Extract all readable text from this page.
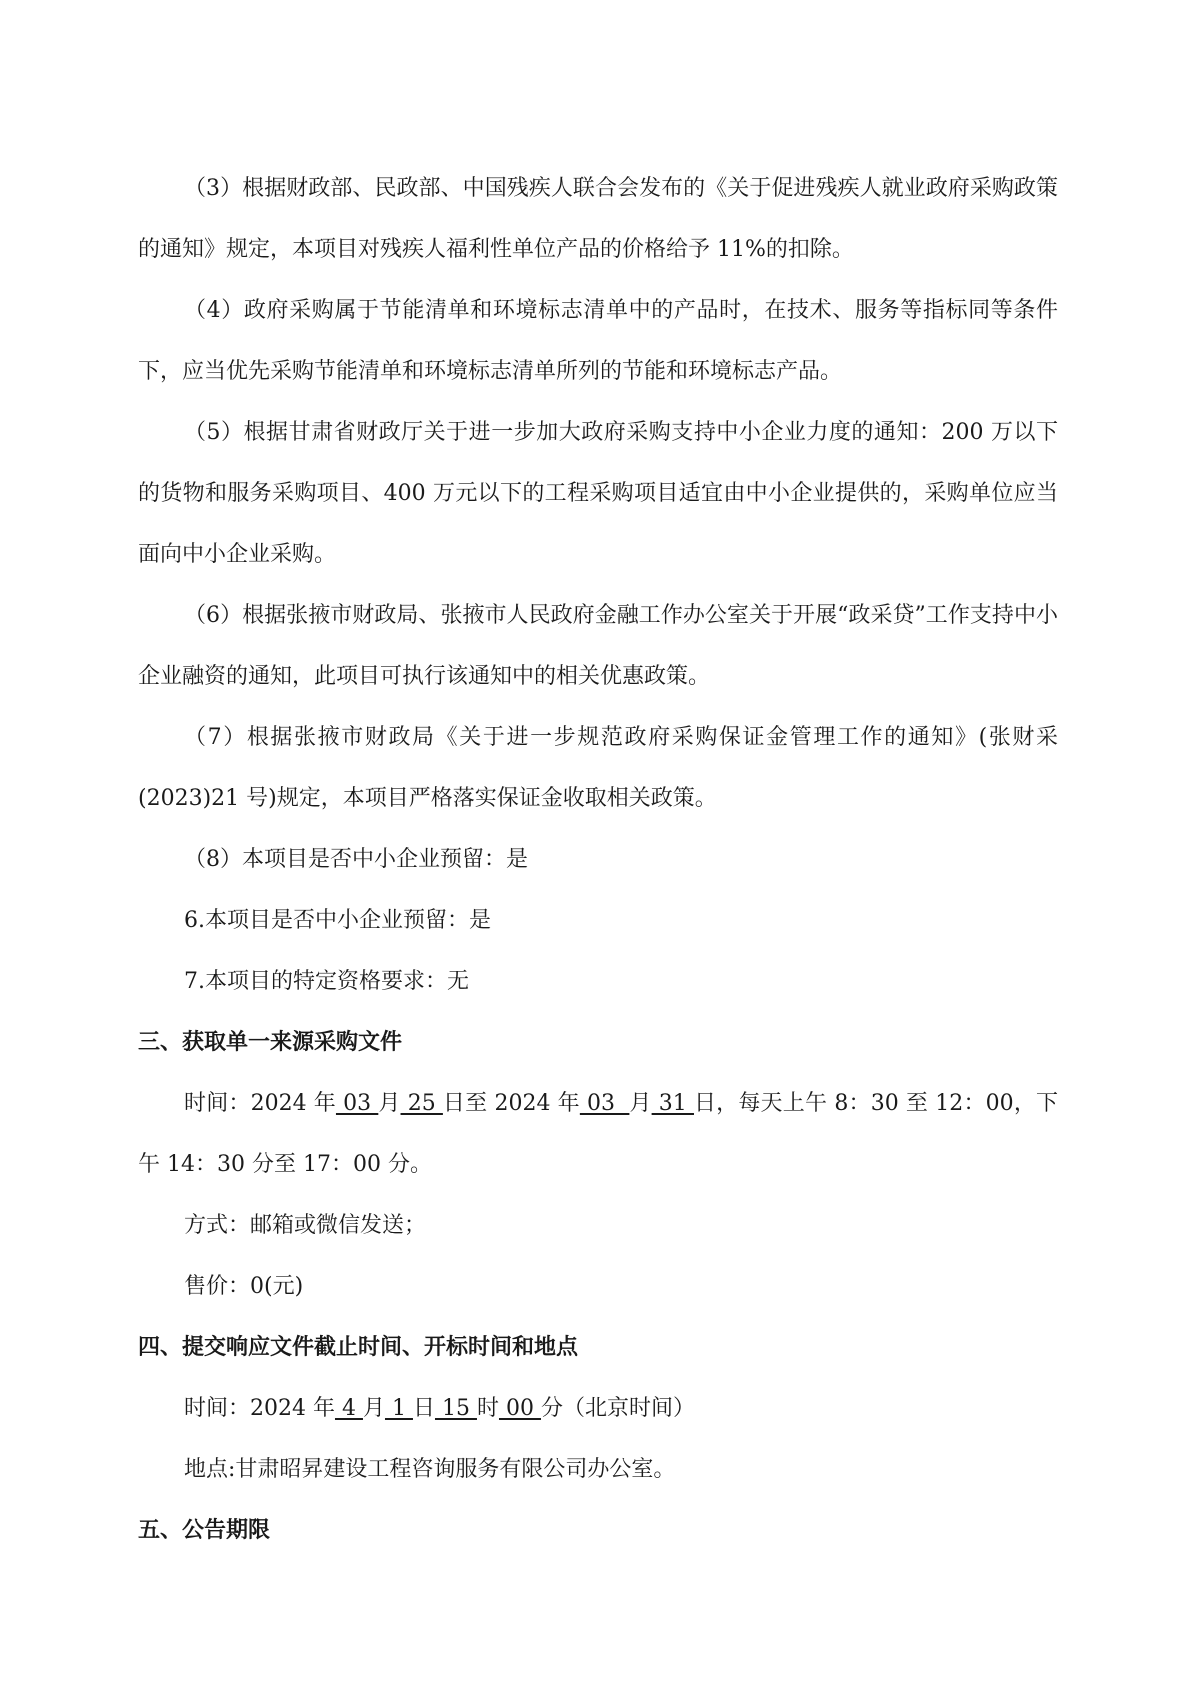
（3）根据财政部、民政部、中国残疾人联合会发布的《关于促进残疾人就业政府采购政策的通知》规定，本项目对残疾人福利性单位产品的价格给予 11%的扣除。

（4）政府采购属于节能清单和环境标志清单中的产品时，在技术、服务等指标同等条件下，应当优先采购节能清单和环境标志清单所列的节能和环境标志产品。

（5）根据甘肃省财政厅关于进一步加大政府采购支持中小企业力度的通知：200 万以下的货物和服务采购项目、400 万元以下的工程采购项目适宜由中小企业提供的，采购单位应当面向中小企业采购。

（6）根据张掖市财政局、张掖市人民政府金融工作办公室关于开展“政采贷”工作支持中小企业融资的通知，此项目可执行该通知中的相关优惠政策。

（7）根据张掖市财政局《关于进一步规范政府采购保证金管理工作的通知》(张财采(2023)21 号)规定，本项目严格落实保证金收取相关政策。

（8）本项目是否中小企业预留：是

6.本项目是否中小企业预留：是

7.本项目的特定资格要求：无

三、获取单一来源采购文件

时间：2024 年 03 月 25 日至 2024 年 03  月 31 日，每天上午 8：30 至 12：00，下午 14：30 分至 17：00 分。

方式：邮箱或微信发送；

售价：0(元)

四、提交响应文件截止时间、开标时间和地点

时间：2024 年 4 月 1 日 15 时 00 分（北京时间）

地点:甘肃昭昇建设工程咨询服务有限公司办公室。

五、公告期限
